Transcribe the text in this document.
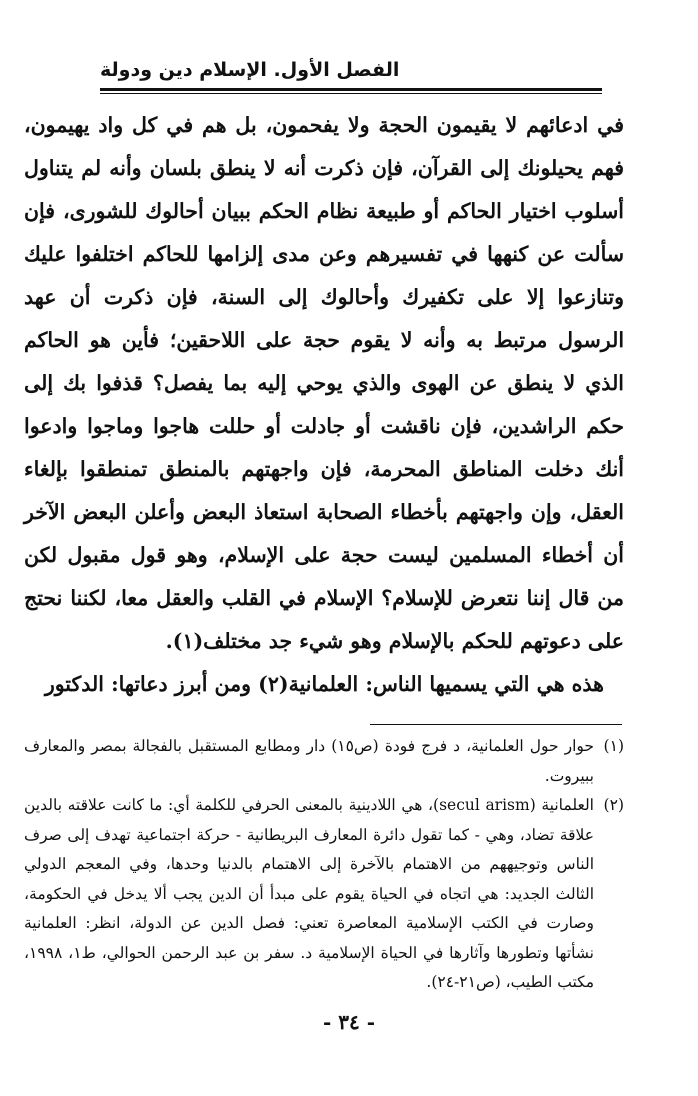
الفصل الأول. الإسلام دين ودولة

في ادعائهم لا يقيمون الحجة ولا يفحمون، بل هم في كل واد يهيمون، فهم يحيلونك إلى القرآن، فإن ذكرت أنه لا ينطق بلسان وأنه لم يتناول أسلوب اختيار الحاكم أو طبيعة نظام الحكم ببيان أحالوك للشورى، فإن سألت عن كنهها في تفسيرهم وعن مدى إلزامها للحاكم اختلفوا عليك وتنازعوا إلا على تكفيرك وأحالوك إلى السنة، فإن ذكرت أن عهد الرسول مرتبط به وأنه لا يقوم حجة على اللاحقين؛ فأين هو الحاكم الذي لا ينطق عن الهوى والذي يوحي إليه بما يفصل؟ قذفوا بك إلى حكم الراشدين، فإن ناقشت أو جادلت أو حللت هاجوا وماجوا وادعوا أنك دخلت المناطق المحرمة، فإن واجهتهم بالمنطق تمنطقوا بإلغاء العقل، وإن واجهتهم بأخطاء الصحابة استعاذ البعض وأعلن البعض الآخر أن أخطاء المسلمين ليست حجة على الإسلام، وهو قول مقبول لكن من قال إننا نتعرض للإسلام؟ الإسلام في القلب والعقل معا، لكننا نحتج على دعوتهم للحكم بالإسلام وهو شيء جد مختلف(١).

هذه هي التي يسميها الناس: العلمانية(٢) ومن أبرز دعاتها: الدكتور

(١)
حوار حول العلمانية، د فرج فودة (ص١٥) دار ومطابع المستقبل بالفجالة بمصر والمعارف ببيروت.

(٢)
العلمانية (secul arism)، هي اللادينية بالمعنى الحرفي للكلمة أي: ما كانت علاقته بالدين علاقة تضاد، وهي - كما تقول دائرة المعارف البريطانية - حركة اجتماعية تهدف إلى صرف الناس وتوجيههم من الاهتمام بالآخرة إلى الاهتمام بالدنيا وحدها، وفي المعجم الدولي الثالث الجديد: هي اتجاه في الحياة يقوم على مبدأ أن الدين يجب ألا يدخل في الحكومة، وصارت في الكتب الإسلامية المعاصرة تعني: فصل الدين عن الدولة، انظر: العلمانية نشأتها وتطورها وآثارها في الحياة الإسلامية د. سفر بن عبد الرحمن الحوالي، ط١، ١٩٩٨، مكتب الطيب، (ص٢١-٢٤).

- ٣٤ -
